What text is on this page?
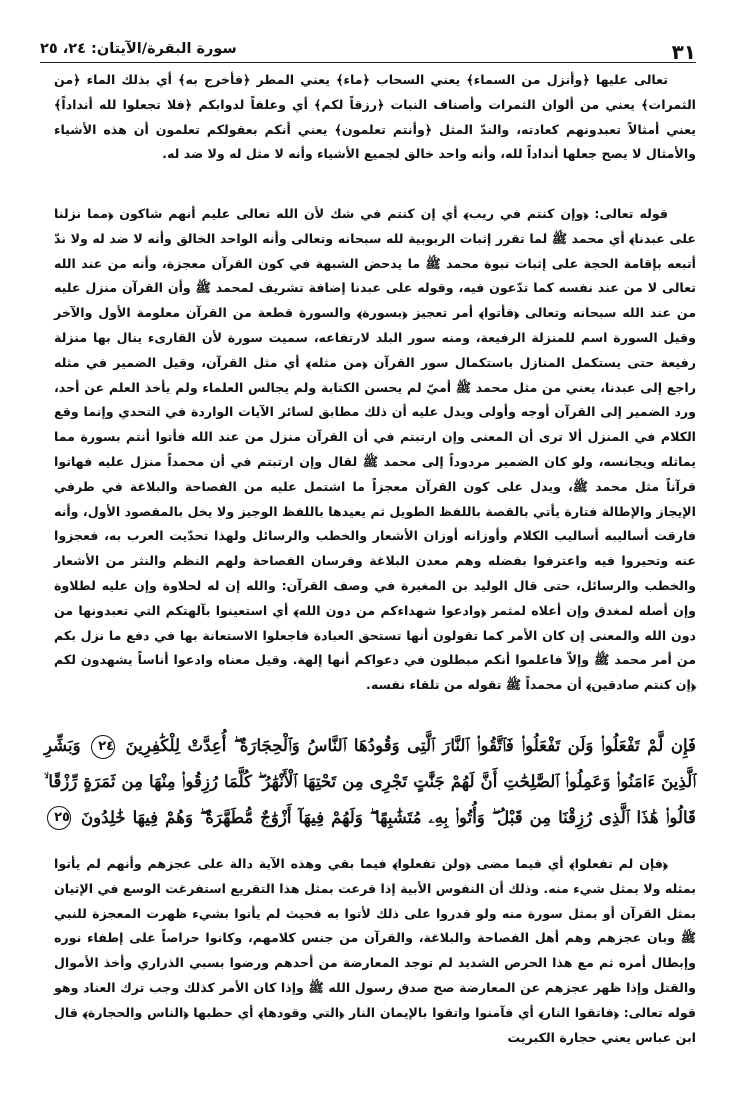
٣١
سورة البقرة/الآيتان: ٢٤، ٢٥

تعالى عليها ﴿وأنزل من السماء﴾ يعني السحاب ﴿ماء﴾ يعني المطر ﴿فأخرج به﴾ أي بذلك الماء ﴿من الثمرات﴾ يعني من ألوان الثمرات وأصناف النبات ﴿رزقاً لكم﴾ أي وعلفاً لدوابكم ﴿فلا تجعلوا لله أنداداً﴾ يعني أمثالاً تعبدونهم كعادته، والندّ المثل ﴿وأنتم تعلمون﴾ يعني أنكم بعقولكم تعلمون أن هذه الأشياء والأمثال لا يصح جعلها أنداداً لله، وأنه واحد خالق لجميع الأشياء وأنه لا مثل له ولا ضد له.

قوله تعالى: ﴿وإن كنتم في ريب﴾ أي إن كنتم في شك لأن الله تعالى عليم أنهم شاكون ﴿مما نزلنا على عبدنا﴾ أي محمد ﷺ لما تقرر إثبات الربوبية لله سبحانه وتعالى وأنه الواحد الخالق وأنه لا ضد له ولا ندّ أتبعه بإقامة الحجة على إثبات نبوة محمد ﷺ ما يدحض الشبهة في كون القرآن معجزة، وأنه من عند الله تعالى لا من عند نفسه كما تدّعون فيه، وقوله على عبدنا إضافة تشريف لمحمد ﷺ وأن القرآن منزل عليه من عند الله سبحانه وتعالى ﴿فأتوا﴾ أمر تعجيز ﴿بسورة﴾ والسورة قطعة من القرآن معلومة الأول والآخر وقيل السورة اسم للمنزلة الرفيعة، ومنه سور البلد لارتفاعه، سميت سورة لأن القارىء ينال بها منزلة رفيعة حتى يستكمل المنازل باستكمال سور القرآن ﴿من مثله﴾ أي مثل القرآن، وقيل الضمير في مثله راجع إلى عبدنا، يعني من مثل محمد ﷺ أميّ لم يحسن الكتابة ولم يجالس العلماء ولم يأخذ العلم عن أحد، ورد الضمير إلى القرآن أوجه وأولى ويدل عليه أن ذلك مطابق لسائر الآيات الواردة في التحدي وإنما وقع الكلام في المنزل ألا ترى أن المعنى وإن ارتبتم في أن القرآن منزل من عند الله فأتوا أنتم بسورة مما يماثله ويجانسه، ولو كان الضمير مردوداً إلى محمد ﷺ لقال وإن ارتبتم في أن محمداً منزل عليه فهاتوا قرآناً مثل محمد ﷺ، ويدل على كون القرآن معجزاً ما اشتمل عليه من الفصاحة والبلاغة في طرفي الإيجاز والإطالة فتارة يأتي بالقصة باللفظ الطويل ثم يعيدها باللفظ الوجيز ولا يخل بالمقصود الأول، وأنه فارقت أساليبه أساليب الكلام وأوزانه أوزان الأشعار والخطب والرسائل ولهذا تحدّيت العرب به، فعجزوا عنه وتحيروا فيه واعترفوا بفضله وهم معدن البلاغة وفرسان الفصاحة ولهم النظم والنثر من الأشعار والخطب والرسائل، حتى قال الوليد بن المغيرة في وصف القرآن: والله إن له لحلاوة وإن عليه لطلاوة وإن أصله لمغدق وإن أعلاه لمثمر ﴿وادعوا شهداءكم من دون الله﴾ أي استعينوا بآلهتكم التي تعبدونها من دون الله والمعنى إن كان الأمر كما تقولون أنها تستحق العبادة فاجعلوا الاستعانة بها في دفع ما نزل بكم من أمر محمد ﷺ وإلاّ فاعلموا أنكم مبطلون في دعواكم أنها إلهة. وقيل معناه وادعوا أناساً يشهدون لكم ﴿إن كنتم صادقين﴾ أن محمداً ﷺ تقوله من تلقاء نفسه.

فَإِن لَّمْ تَفْعَلُوا۟ وَلَن تَفْعَلُوا۟ فَٱتَّقُوا۟ ٱلنَّارَ ٱلَّتِى وَقُودُهَا ٱلنَّاسُ وَٱلْحِجَارَةُ ۖ أُعِدَّتْ لِلْكَٰفِرِينَ ٢٤ وَبَشِّرِ ٱلَّذِينَ ءَامَنُوا۟ وَعَمِلُوا۟ ٱلصَّٰلِحَٰتِ أَنَّ لَهُمْ جَنَّٰتٍ تَجْرِى مِن تَحْتِهَا ٱلْأَنْهَٰرُ ۖ كُلَّمَا رُزِقُوا۟ مِنْهَا مِن ثَمَرَةٍ رِّزْقًا ۙ قَالُوا۟ هَٰذَا ٱلَّذِى رُزِقْنَا مِن قَبْلُ ۖ وَأُتُوا۟ بِهِۦ مُتَشَٰبِهًا ۖ وَلَهُمْ فِيهَآ أَزْوَٰجٌ مُّطَهَّرَةٌ ۖ وَهُمْ فِيهَا خَٰلِدُونَ ٢٥

﴿فإن لم تفعلوا﴾ أي فيما مضى ﴿ولن تفعلوا﴾ فيما بقي وهذه الآية دالة على عجزهم وأنهم لم يأتوا بمثله ولا بمثل شيء منه. وذلك أن النفوس الأبية إذا قرعت بمثل هذا التقريع استفرغت الوسع في الإتيان بمثل القرآن أو بمثل سورة منه ولو قدروا على ذلك لأتوا به فحيث لم يأتوا بشيء ظهرت المعجزة للنبي ﷺ وبان عجزهم وهم أهل الفصاحة والبلاغة، والقرآن من جنس كلامهم، وكانوا حراصاً على إطفاء نوره وإبطال أمره ثم مع هذا الحرص الشديد لم توجد المعارضة من أحدهم ورضوا بسبي الذراري وأخذ الأموال والقتل وإذا ظهر عجزهم عن المعارضة صح صدق رسول الله ﷺ وإذا كان الأمر كذلك وجب ترك العناد وهو قوله تعالى: ﴿فاتقوا النار﴾ أي فآمنوا واتقوا بالإيمان النار ﴿التي وقودها﴾ أي حطبها ﴿الناس والحجارة﴾ قال ابن عباس يعني حجارة الكبريت
